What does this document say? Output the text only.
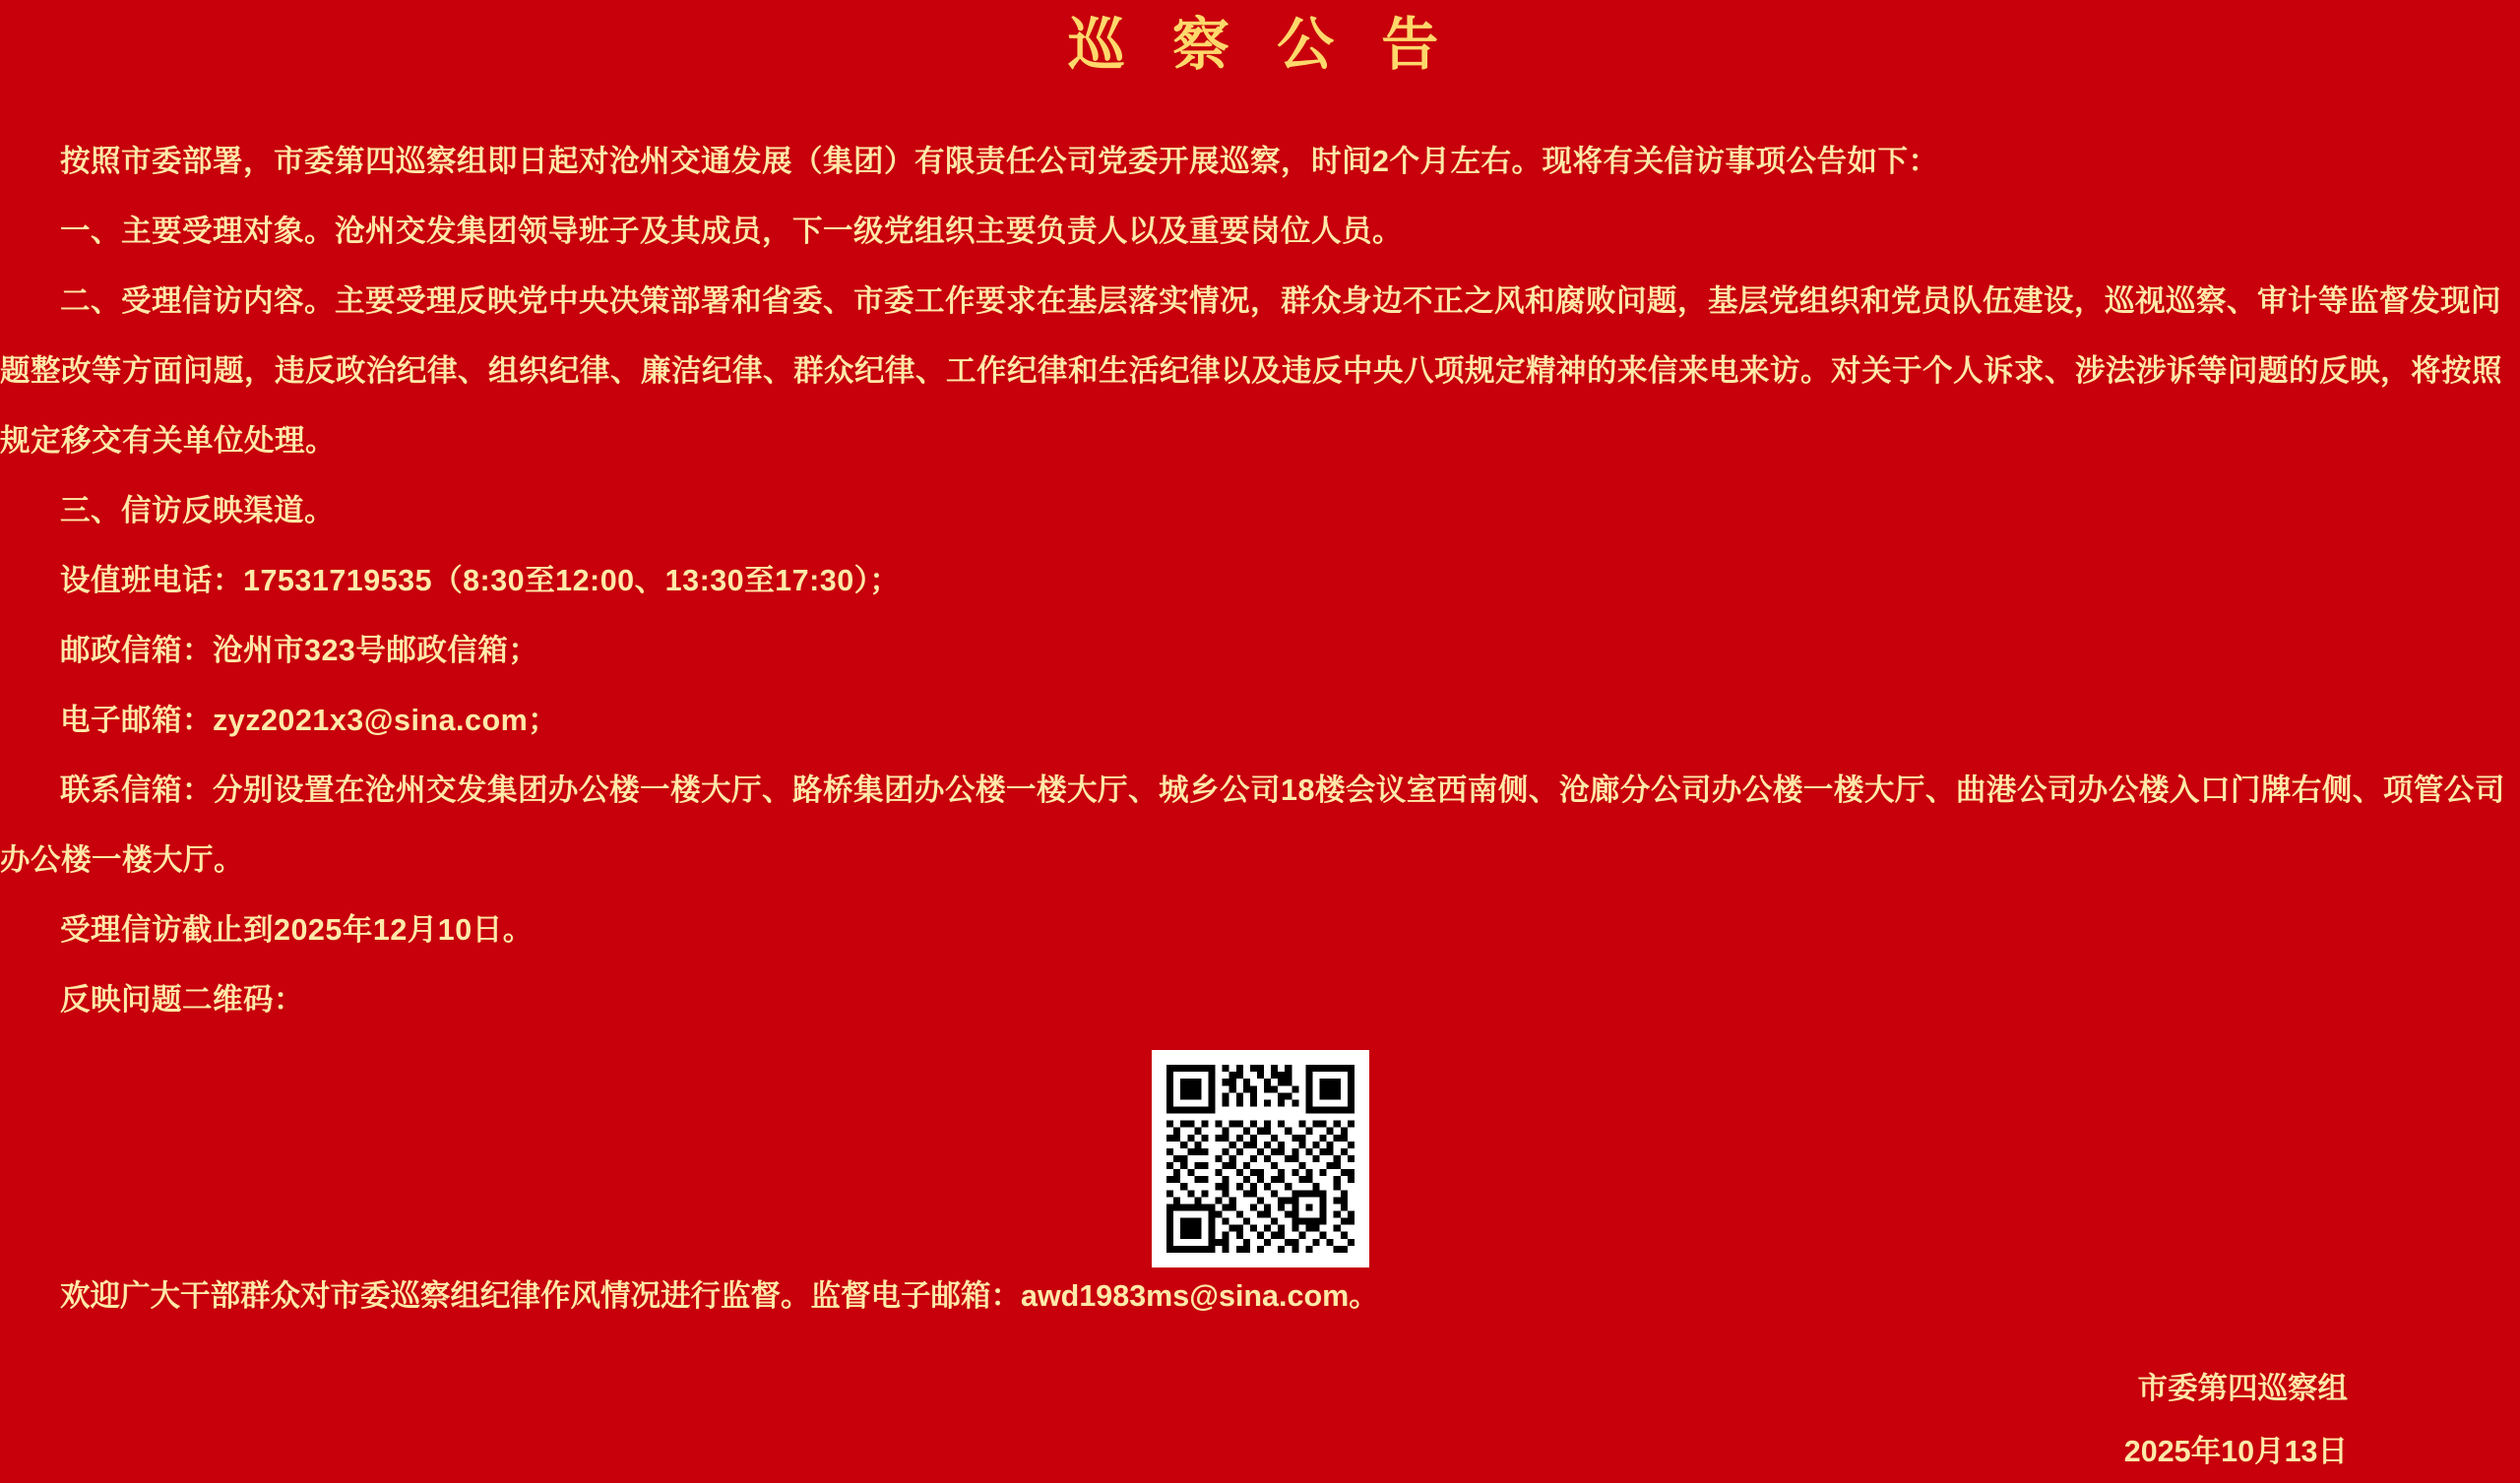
巡 察 公 告

按照市委部署，市委第四巡察组即日起对沧州交通发展（集团）有限责任公司党委开展巡察，时间2个月左右。现将有关信访事项公告如下：

一、主要受理对象。沧州交发集团领导班子及其成员，下一级党组织主要负责人以及重要岗位人员。

二、受理信访内容。主要受理反映党中央决策部署和省委、市委工作要求在基层落实情况，群众身边不正之风和腐败问题，基层党组织和党员队伍建设，巡视巡察、审计等监督发现问题整改等方面问题，违反政治纪律、组织纪律、廉洁纪律、群众纪律、工作纪律和生活纪律以及违反中央八项规定精神的来信来电来访。对关于个人诉求、涉法涉诉等问题的反映，将按照规定移交有关单位处理。

三、信访反映渠道。

设值班电话：17531719535（8:30至12:00、13:30至17:30）；

邮政信箱：沧州市323号邮政信箱；

电子邮箱：zyz2021x3@sina.com；

联系信箱：分别设置在沧州交发集团办公楼一楼大厅、路桥集团办公楼一楼大厅、城乡公司18楼会议室西南侧、沧廊分公司办公楼一楼大厅、曲港公司办公楼入口门牌右侧、项管公司办公楼一楼大厅。

受理信访截止到2025年12月10日。

反映问题二维码：

欢迎广大干部群众对市委巡察组纪律作风情况进行监督。监督电子邮箱：awd1983ms@sina.com。

市委第四巡察组
2025年10月13日
